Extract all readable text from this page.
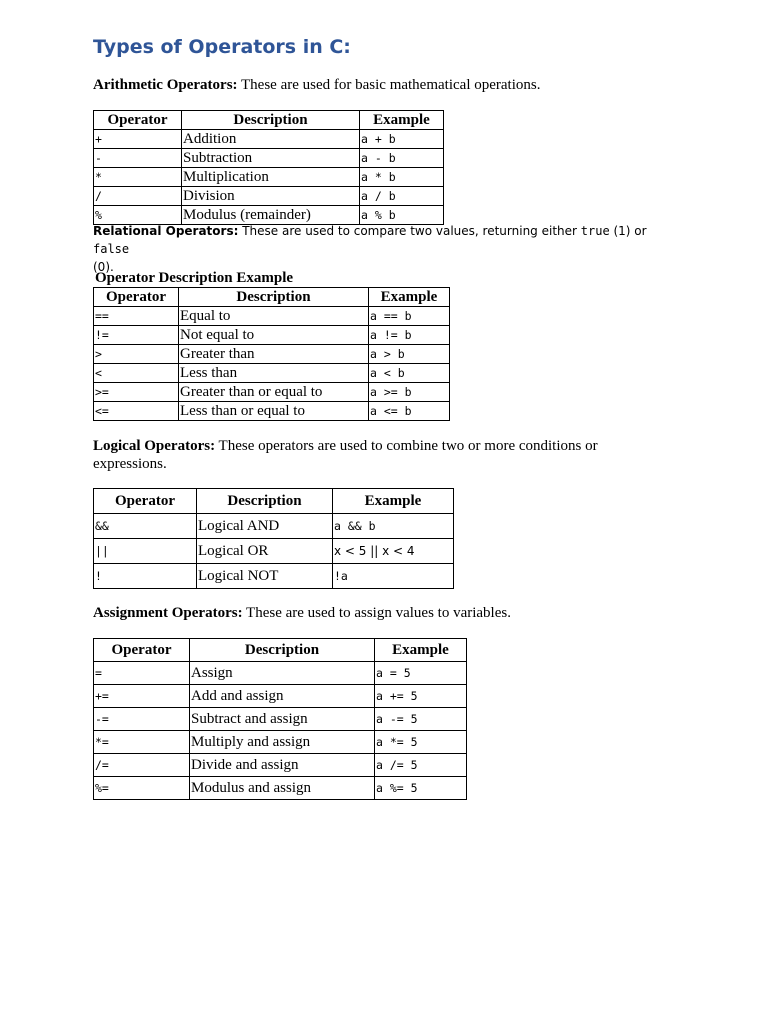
Types of Operators in C:
Arithmetic Operators: These are used for basic mathematical operations.
Operator	Description	Example
+	Addition	a + b
-	Subtraction	a - b
*	Multiplication	a * b
/	Division	a / b
%	Modulus (remainder)	a % b
Relational Operators: These are used to compare two values, returning either true (1) or false
(0).
Operator Description Example
Operator	Description	Example
==	Equal to	a == b
!=	Not equal to	a != b
>	Greater than	a > b
<	Less than	a < b
>=	Greater than or equal to	a >= b
<=	Less than or equal to	a <= b
Logical Operators: These operators are used to combine two or more conditions or
expressions.
Operator	Description	Example
&&	Logical AND	a && b
||	Logical OR	x < 5 || x < 4
!	Logical NOT	!a
Assignment Operators: These are used to assign values to variables.
Operator	Description	Example
=	Assign	a = 5
+=	Add and assign	a += 5
-=	Subtract and assign	a -= 5
*=	Multiply and assign	a *= 5
/=	Divide and assign	a /= 5
%=	Modulus and assign	a %= 5
